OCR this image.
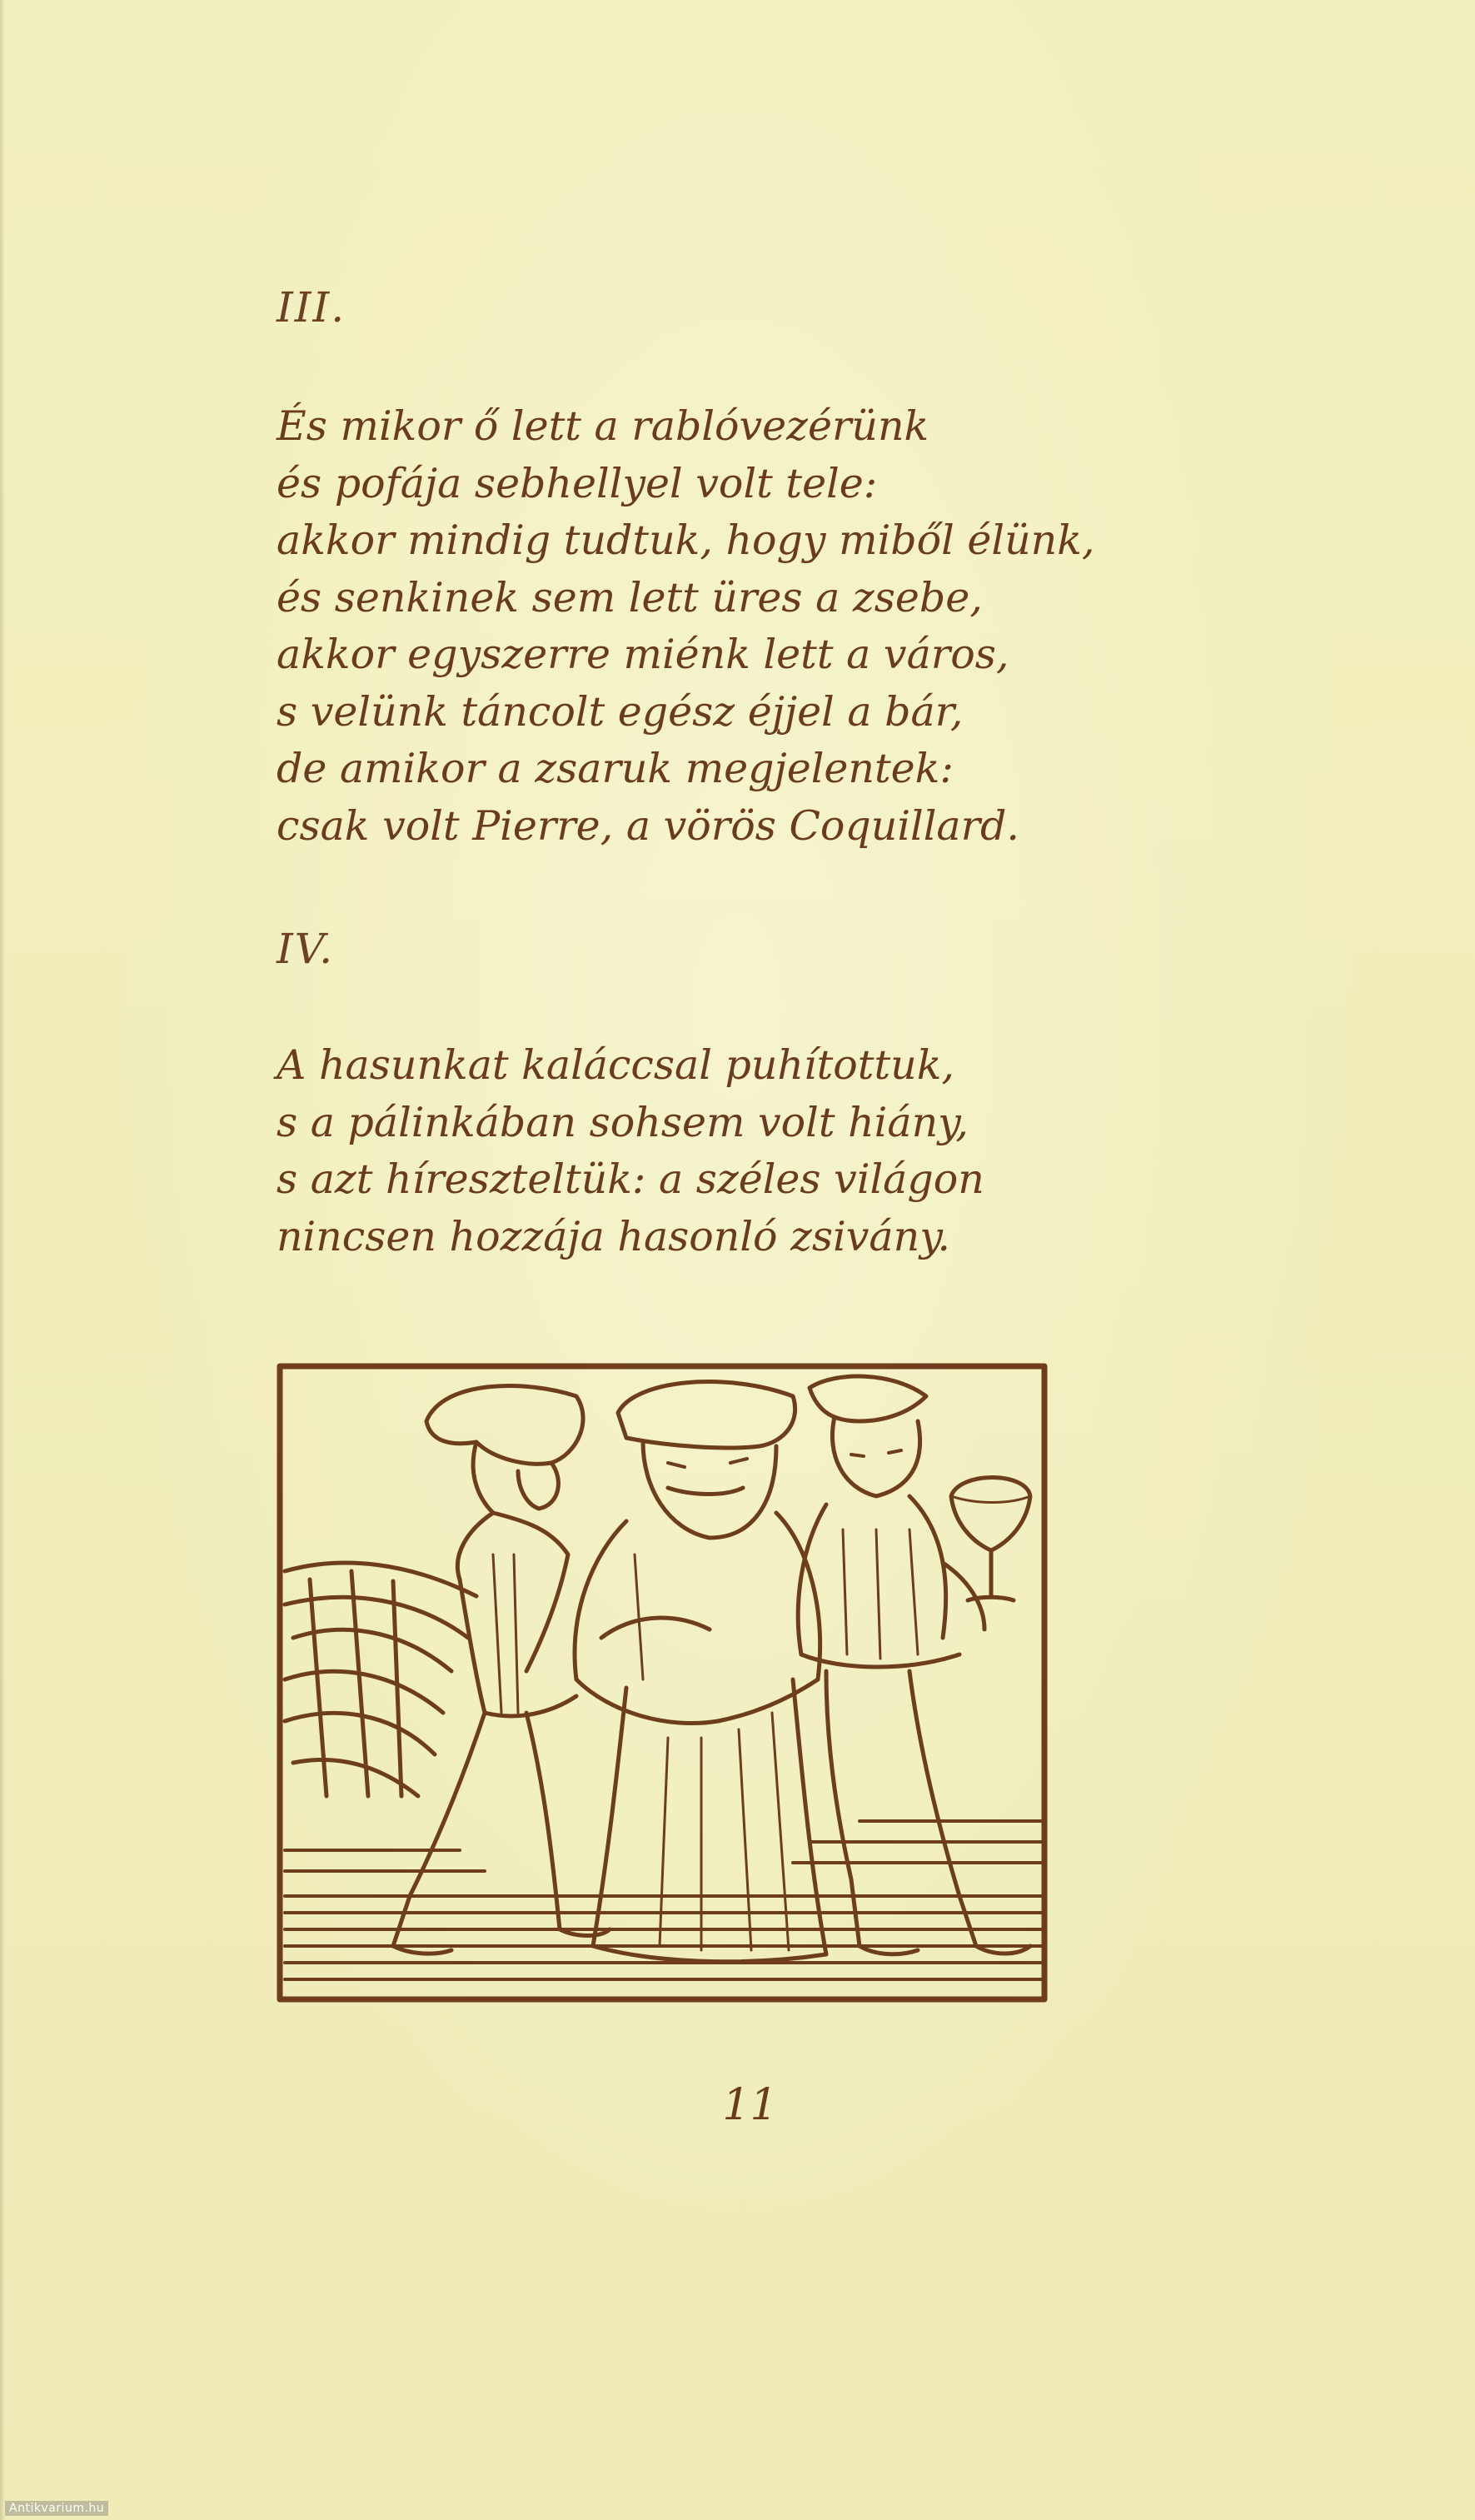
III.
És mikor ő lett a rablóvezérünk
és pofája sebhellyel volt tele:
akkor mindig tudtuk, hogy miből élünk,
és senkinek sem lett üres a zsebe,
akkor egyszerre miénk lett a város,
s velünk táncolt egész éjjel a bár,
de amikor a zsaruk megjelentek:
csak volt Pierre, a vörös Coquillard.
IV.
A hasunkat kaláccsal puhítottuk,
s a pálinkában sohsem volt hiány,
s azt híreszteltük: a széles világon
nincsen hozzája hasonló zsivány.
11
Antikvarium.hu
